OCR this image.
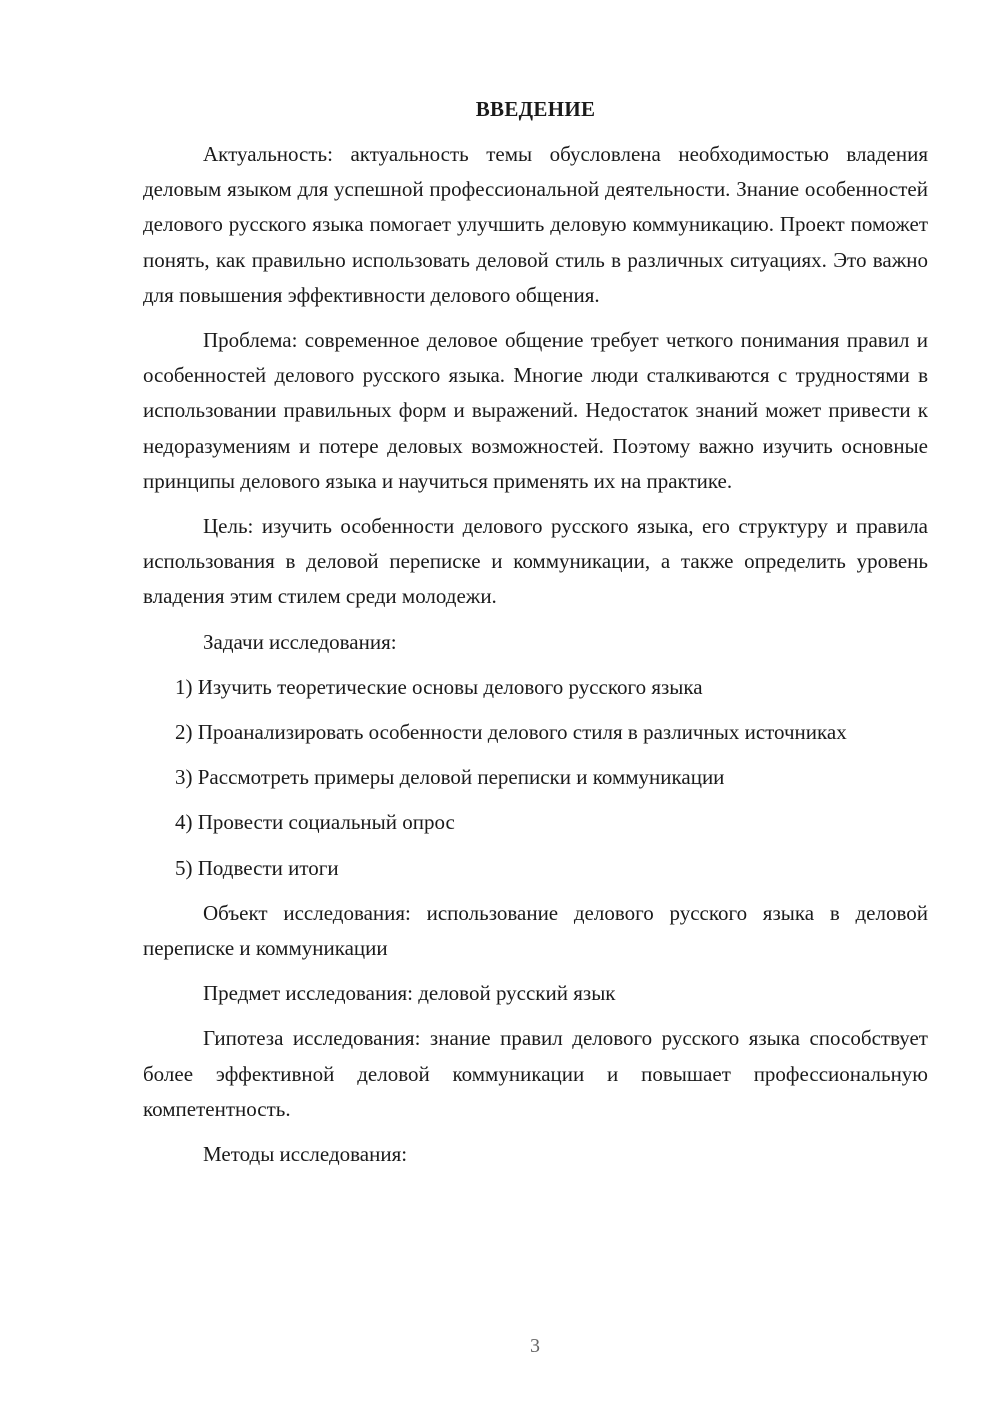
ВВЕДЕНИЕ

Актуальность: актуальность темы обусловлена необходимостью владения деловым языком для успешной профессиональной деятельности. Знание особенностей делового русского языка помогает улучшить деловую коммуникацию. Проект поможет понять, как правильно использовать деловой стиль в различных ситуациях. Это важно для повышения эффективности делового общения.

Проблема: современное деловое общение требует четкого понимания правил и особенностей делового русского языка. Многие люди сталкиваются с трудностями в использовании правильных форм и выражений. Недостаток знаний может привести к недоразумениям и потере деловых возможностей. Поэтому важно изучить основные принципы делового языка и научиться применять их на практике.

Цель: изучить особенности делового русского языка, его структуру и правила использования в деловой переписке и коммуникации, а также определить уровень владения этим стилем среди молодежи.

Задачи исследования:

1) Изучить теоретические основы делового русского языка

2) Проанализировать особенности делового стиля в различных источниках

3) Рассмотреть примеры деловой переписки и коммуникации

4) Провести социальный опрос

5) Подвести итоги

Объект исследования: использование делового русского языка в деловой переписке и коммуникации

Предмет исследования: деловой русский язык

Гипотеза исследования: знание правил делового русского языка способствует более эффективной деловой коммуникации и повышает профессиональную компетентность.

Методы исследования:

3
